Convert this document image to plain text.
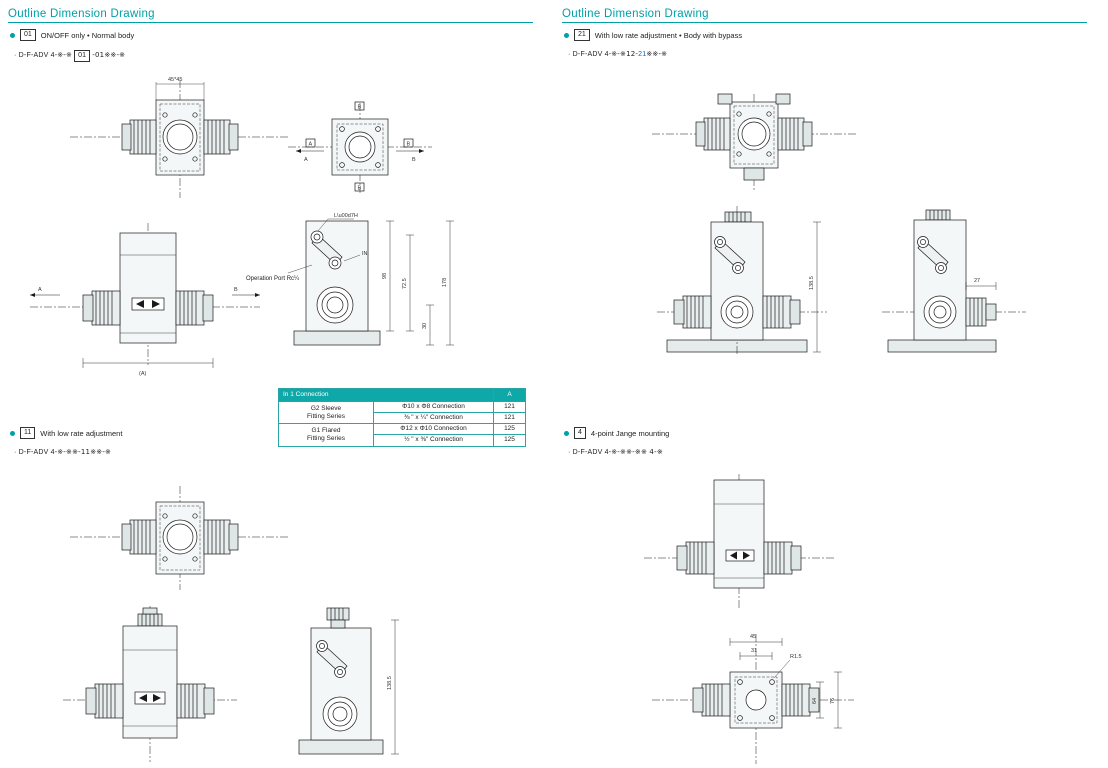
Outline Dimension Drawing
01	ON/OFF only • Normal body
· D-F-ADV 4-※-※ 01 -01※※-※
45*45
B
B
A	B
A	B
A	B
(A)
L\u00d7H
IN.
98
72.5
30
178
Operation Port Rc¼
In 1 Connection		A
G2 Sleeve
Fitting Series	Φ10 x Φ8 Connection	121
	⅜ " x ¼" Connection	121
G1 Flared
Fitting Series	Φ12 x Φ10 Connection	125
	½ " x ⅜" Connection	125
11	With low rate adjustment
· D-F-ADV 4-※-※※-11※※-※
138.5
Outline Dimension Drawing
21	With low rate adjustment • Body with bypass
· D-F-ADV 4-※-※12-21※※-※
138.5	27
4	4-point Jange mounting
· D-F-ADV 4-※-※※-※※ 4-※
45
31
R1.5
64 76
